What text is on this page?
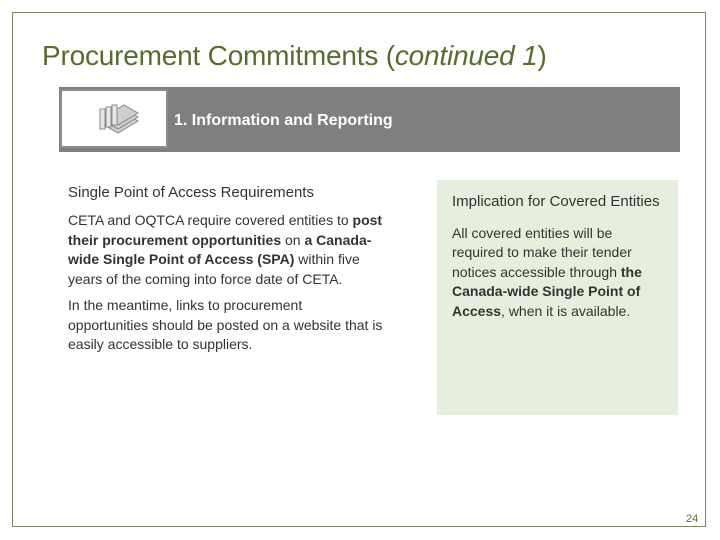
Procurement Commitments (continued 1)
1. Information and Reporting

Single Point of Access Requirements

CETA and OQTCA require covered entities to post their procurement opportunities on a Canada-wide Single Point of Access (SPA) within five years of the coming into force date of CETA.

In the meantime, links to procurement opportunities should be posted on a website that is easily accessible to suppliers.

Implication for Covered Entities

All covered entities will be required to make their tender notices accessible through the Canada-wide Single Point of Access, when it is available.

24
